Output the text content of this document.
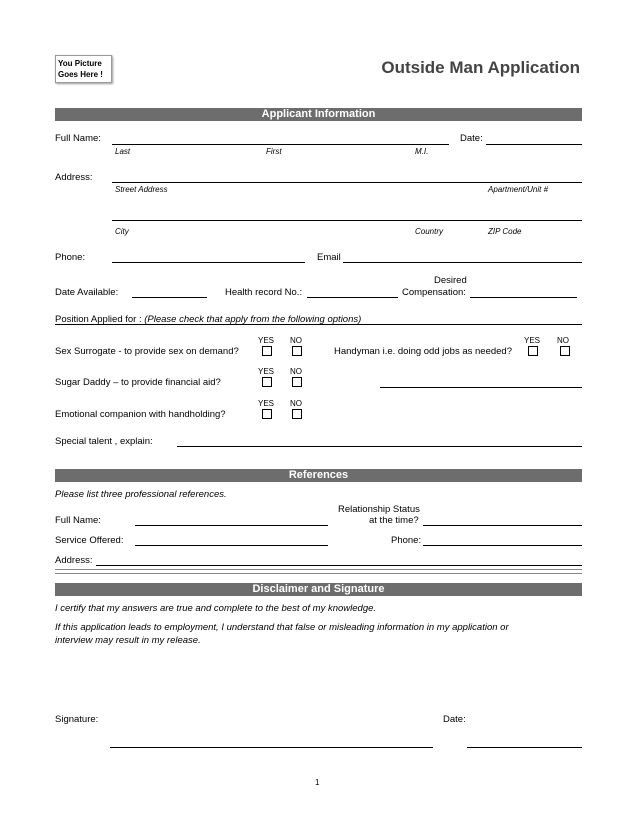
You Picture
Goes Here !	Outside Man Application
Applicant Information
Full Name:	Date:
Last	First	M.I.
Address:
Street Address	Apartment/Unit #
City	Country	ZIP Code
Phone:	Email
Desired
Date Available:	Health record No.:	Compensation:
Position Applied for : (Please check that apply from the following options)
YES NO	YES NO
Sex Surrogate - to provide sex on demand?	Handyman i.e. doing odd jobs as needed?
YES NO
Sugar Daddy – to provide financial aid?
YES NO
Emotional companion with handholding?
Special talent , explain:
References
Please list three professional references.
Relationship Status
Full Name:	at the time?
Service Offered:	Phone:
Address:
Disclaimer and Signature
I certify that my answers are true and complete to the best of my knowledge.
If this application leads to employment, I understand that false or misleading information in my application or
interview may result in my release.
Signature:	Date:
1
